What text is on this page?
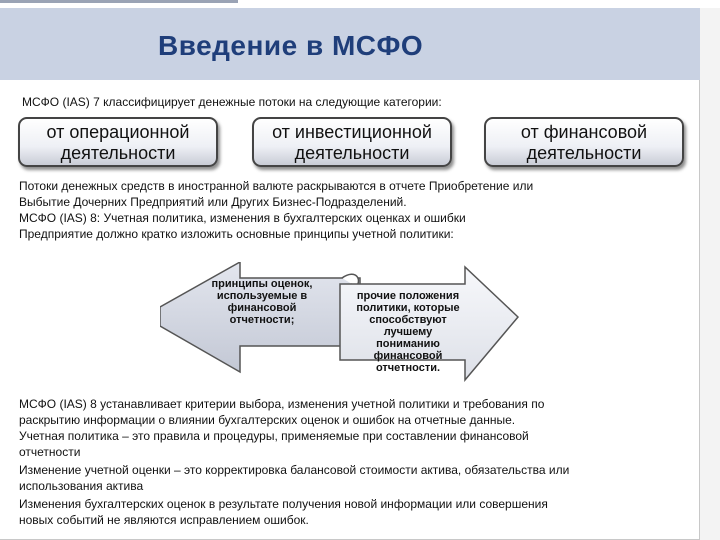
Введение в МСФО
МСФО (IAS) 7 классифицирует денежные потоки на следующие категории:
от операционной
деятельности
от инвестиционной
деятельности
от финансовой
деятельности
Потоки денежных средств в иностранной валюте раскрываются в отчете Приобретение или
Выбытие Дочерних Предприятий или Других Бизнес-Подразделений.
МСФО (IAS) 8: Учетная политика, изменения в бухгалтерских оценках и ошибки
Предприятие должно кратко изложить основные принципы учетной политики:
принципы оценок,
используемые в
финансовой
отчетности;
прочие положения
политики, которые
способствуют
лучшему пониманию
финансовой
отчетности.
МСФО (IAS) 8 устанавливает критерии выбора, изменения учетной политики и требования по
раскрытию информации о влиянии бухгалтерских оценок и ошибок на отчетные данные.
Учетная политика – это правила и процедуры, применяемые при составлении финансовой
отчетности
Изменение учетной оценки – это корректировка балансовой стоимости актива, обязательства или
использования актива
Изменения бухгалтерских оценок в результате получения новой информации или совершения
новых событий не являются исправлением ошибок.
